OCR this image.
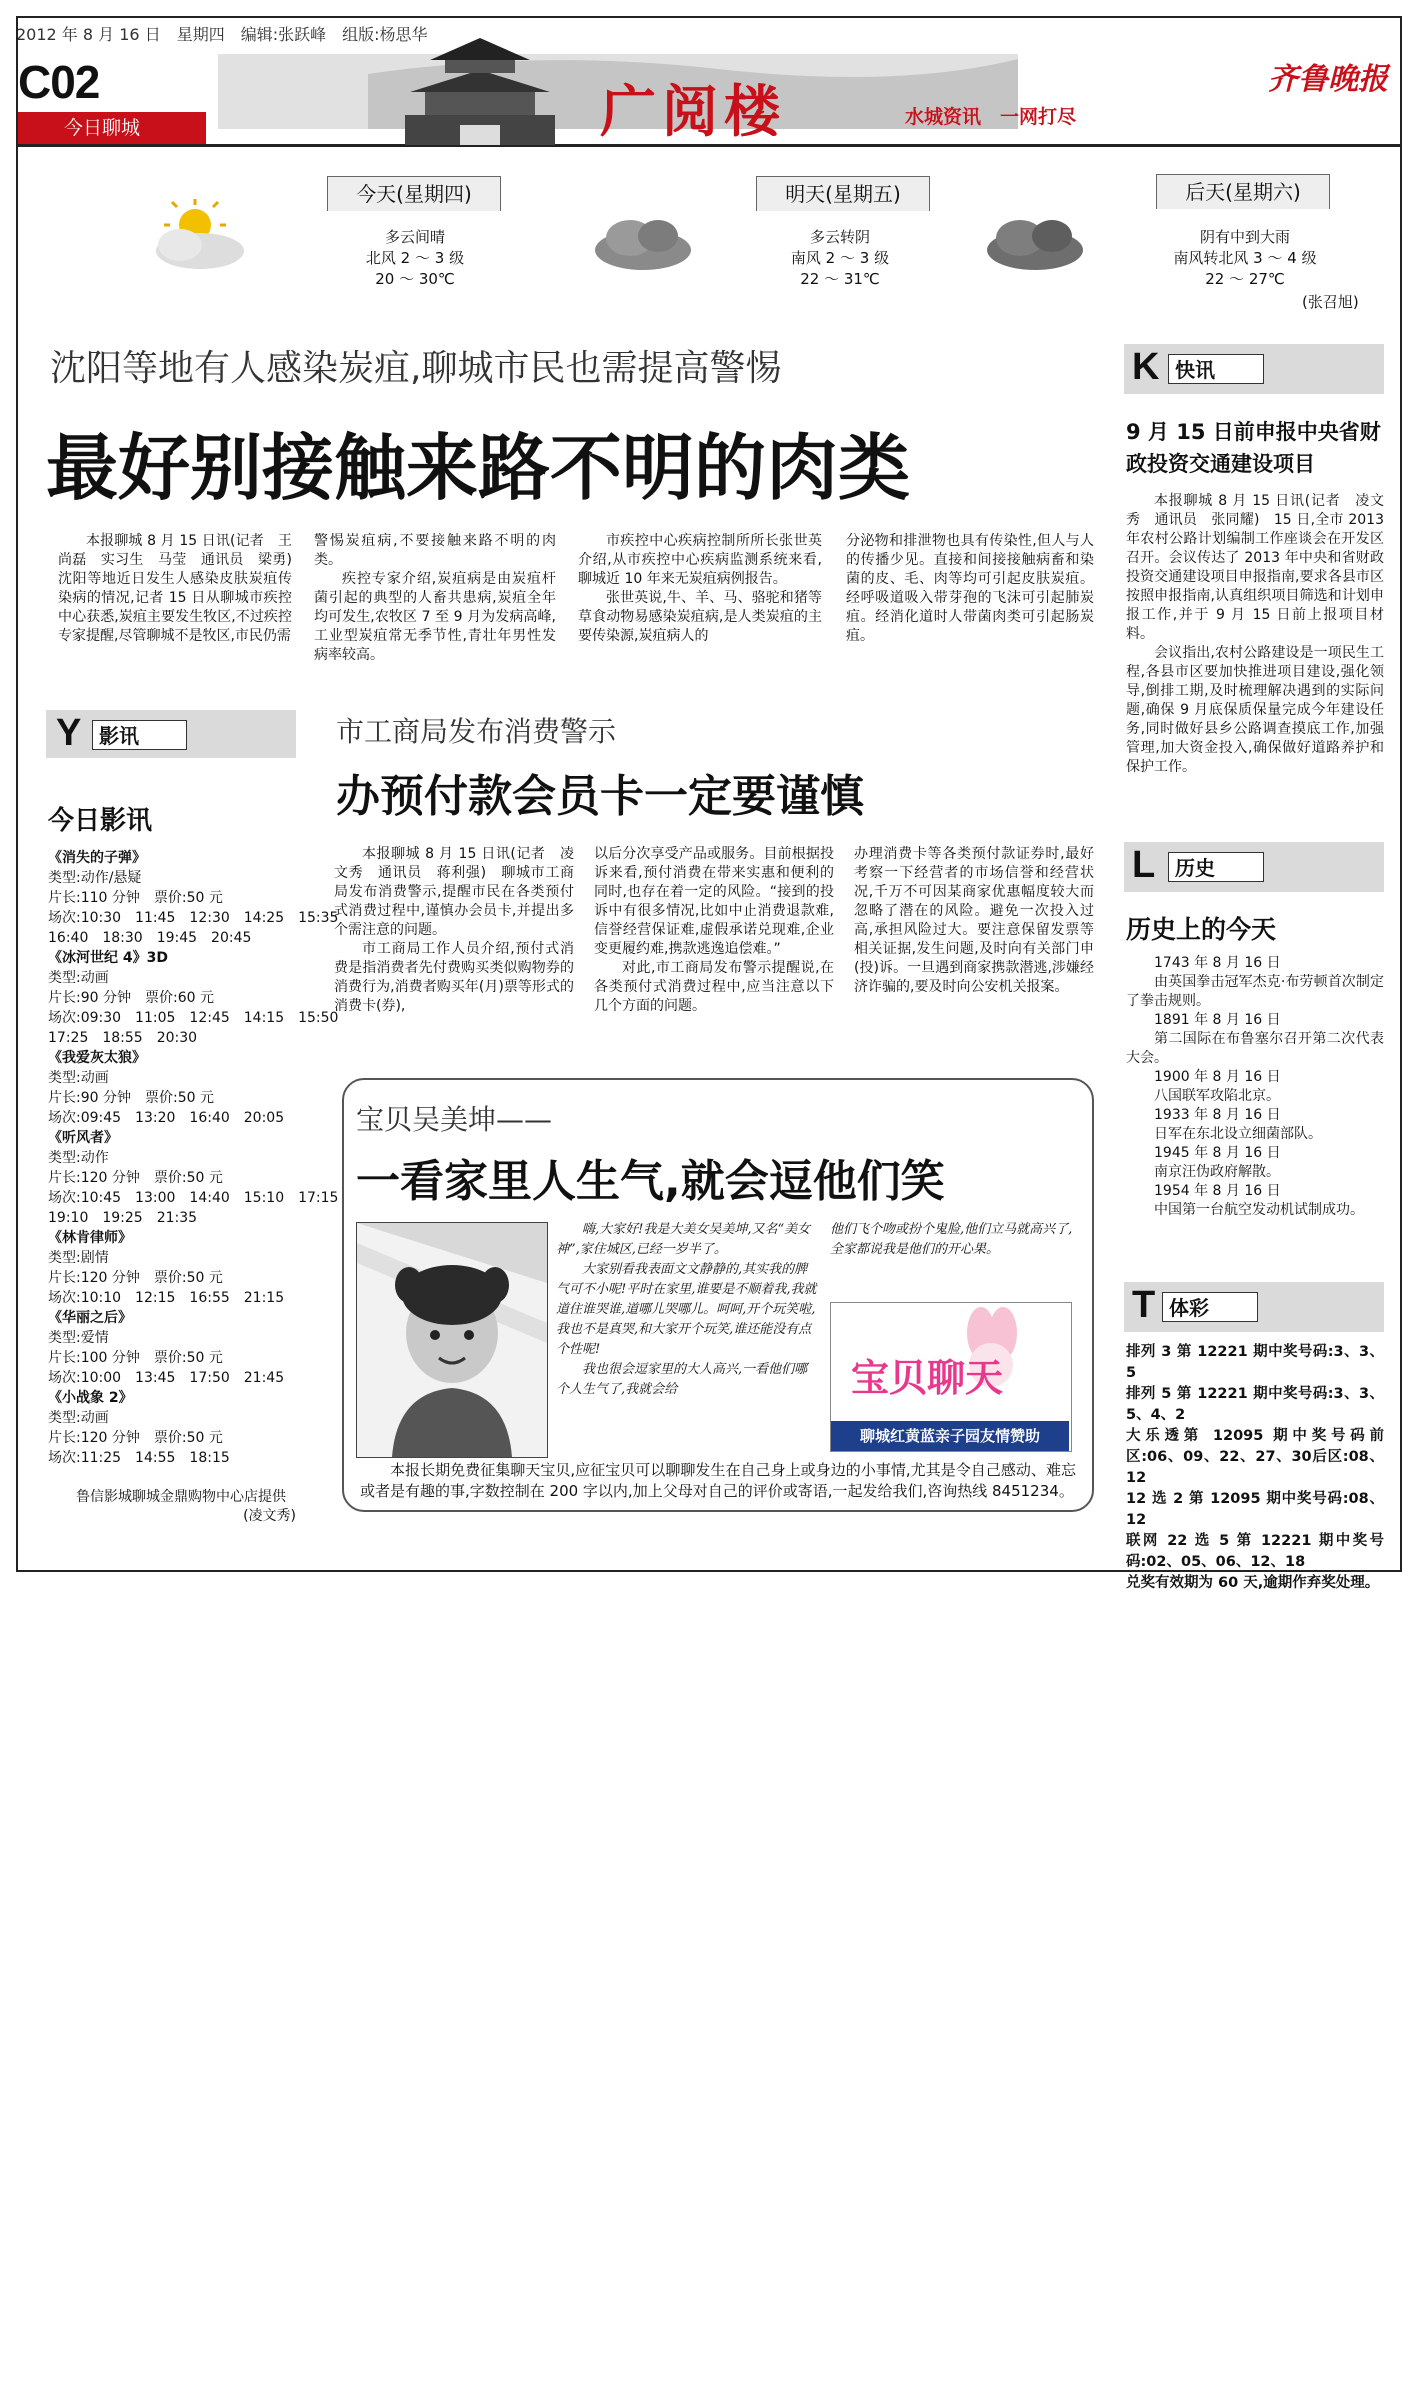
2012 年 8 月 16 日　星期四　编辑:张跃峰　组版:杨思华
C02
今日聊城	广阅楼	水城资讯　一网打尽
齐鲁晚报
今天(星期四)
多云间晴
北风 2 ～ 3 级
20 ～ 30℃
明天(星期五)
多云转阴
南风 2 ～ 3 级
22 ～ 31℃
后天(星期六)
阴有中到大雨
南风转北风 3 ～ 4 级
22 ～ 27℃
(张召旭)
沈阳等地有人感染炭疽,聊城市民也需提高警惕
最好别接触来路不明的肉类

本报聊城 8 月 15 日讯(记者　王尚磊　实习生　马莹　通讯员　梁勇)　沈阳等地近日发生人感染皮肤炭疽传染病的情况,记者 15 日从聊城市疾控中心获悉,炭疽主要发生牧区,不过疾控专家提醒,尽管聊城不是牧区,市民仍需

警惕炭疽病,不要接触来路不明的肉类。

疾控专家介绍,炭疽病是由炭疽杆菌引起的典型的人畜共患病,炭疽全年均可发生,农牧区 7 至 9 月为发病高峰,工业型炭疽常无季节性,青壮年男性发病率较高。

市疾控中心疾病控制所所长张世英介绍,从市疾控中心疾病监测系统来看,聊城近 10 年来无炭疽病例报告。

张世英说,牛、羊、马、骆驼和猪等草食动物易感染炭疽病,是人类炭疽的主要传染源,炭疽病人的

分泌物和排泄物也具有传染性,但人与人的传播少见。直接和间接接触病畜和染菌的皮、毛、肉等均可引起皮肤炭疽。经呼吸道吸入带芽孢的飞沫可引起肺炭疽。经消化道时人带菌肉类可引起肠炭疽。

Y 影讯
今日影讯
《消失的子弹》
类型:动作/悬疑
片长:110 分钟　票价:50 元
场次:10:30　11:45　12:30　14:25　15:35
16:40　18:30　19:45　20:45
《冰河世纪 4》3D
类型:动画
片长:90 分钟　票价:60 元
场次:09:30　11:05　12:45　14:15　15:50
17:25　18:55　20:30
《我爱灰太狼》
类型:动画
片长:90 分钟　票价:50 元
场次:09:45　13:20　16:40　20:05
《听风者》
类型:动作
片长:120 分钟　票价:50 元
场次:10:45　13:00　14:40　15:10　17:15
19:10　19:25　21:35
《林肯律师》
类型:剧情
片长:120 分钟　票价:50 元
场次:10:10　12:15　16:55　21:15
《华丽之后》
类型:爱情
片长:100 分钟　票价:50 元
场次:10:00　13:45　17:50　21:45
《小战象 2》
类型:动画
片长:120 分钟　票价:50 元
场次:11:25　14:55　18:15
鲁信影城聊城金鼎购物中心店提供
(凌文秀)
市工商局发布消费警示
办预付款会员卡一定要谨慎

本报聊城 8 月 15 日讯(记者　凌文秀　通讯员　蒋利强)　聊城市工商局发布消费警示,提醒市民在各类预付式消费过程中,谨慎办会员卡,并提出多个需注意的问题。

市工商局工作人员介绍,预付式消费是指消费者先付费购买类似购物券的消费行为,消费者购买年(月)票等形式的消费卡(券),

以后分次享受产品或服务。目前根据投诉来看,预付消费在带来实惠和便利的同时,也存在着一定的风险。“接到的投诉中有很多情况,比如中止消费退款难,信誉经营保证难,虚假承诺兑现难,企业变更履约难,携款逃逸追偿难。”

对此,市工商局发布警示提醒说,在各类预付式消费过程中,应当注意以下几个方面的问题。

办理消费卡等各类预付款证券时,最好考察一下经营者的市场信誉和经营状况,千万不可因某商家优惠幅度较大而忽略了潜在的风险。避免一次投入过高,承担风险过大。要注意保留发票等相关证据,发生问题,及时向有关部门申(投)诉。一旦遇到商家携款潜逃,涉嫌经济诈骗的,要及时向公安机关报案。

宝贝吴美坤——
一看家里人生气,就会逗他们笑

嗨,大家好!我是大美女吴美坤,又名“美女神”,家住城区,已经一岁半了。

大家别看我表面文文静静的,其实我的脾气可不小呢!平时在家里,谁要是不顺着我,我就道住谁哭谁,道哪儿哭哪儿。呵呵,开个玩笑啦,我也不是真哭,和大家开个玩笑,谁还能没有点个性呢!

我也很会逗家里的大人高兴,一看他们哪个人生气了,我就会给

他们飞个吻或扮个鬼脸,他们立马就高兴了,全家都说我是他们的开心果。

宝贝聊天
聊城红黄蓝亲子园友情赞助

本报长期免费征集聊天宝贝,应征宝贝可以聊聊发生在自己身上或身边的小事情,尤其是令自己感动、难忘或者是有趣的事,字数控制在 200 字以内,加上父母对自己的评价或寄语,一起发给我们,咨询热线 8451234。

K 快讯
9 月 15 日前申报中央省财政投资交通建设项目

本报聊城 8 月 15 日讯(记者　凌文秀　通讯员　张同耀)　15 日,全市 2013 年农村公路计划编制工作座谈会在开发区召开。会议传达了 2013 年中央和省财政投资交通建设项目申报指南,要求各县市区按照申报指南,认真组织项目筛选和计划申报工作,并于 9 月 15 日前上报项目材料。

会议指出,农村公路建设是一项民生工程,各县市区要加快推进项目建设,强化领导,倒排工期,及时梳理解决遇到的实际问题,确保 9 月底保质保量完成今年建设任务,同时做好县乡公路调查摸底工作,加强管理,加大资金投入,确保做好道路养护和保护工作。

L 历史
历史上的今天
1743 年 8 月 16 日
由英国拳击冠军杰克·布劳顿首次制定了拳击规则。
1891 年 8 月 16 日
第二国际在布鲁塞尔召开第二次代表大会。
1900 年 8 月 16 日
八国联军攻陷北京。
1933 年 8 月 16 日
日军在东北设立细菌部队。
1945 年 8 月 16 日
南京汪伪政府解散。
1954 年 8 月 16 日
中国第一台航空发动机试制成功。
T 体彩
排列 3 第 12221 期中奖号码:3、3、5
排列 5 第 12221 期中奖号码:3、3、5、4、2
大乐透第 12095 期中奖号码前区:06、09、22、27、30后区:08、12
12 选 2 第 12095 期中奖号码:08、12
联网 22 选 5 第 12221 期中奖号码:02、05、06、12、18
兑奖有效期为 60 天,逾期作弃奖处理。
